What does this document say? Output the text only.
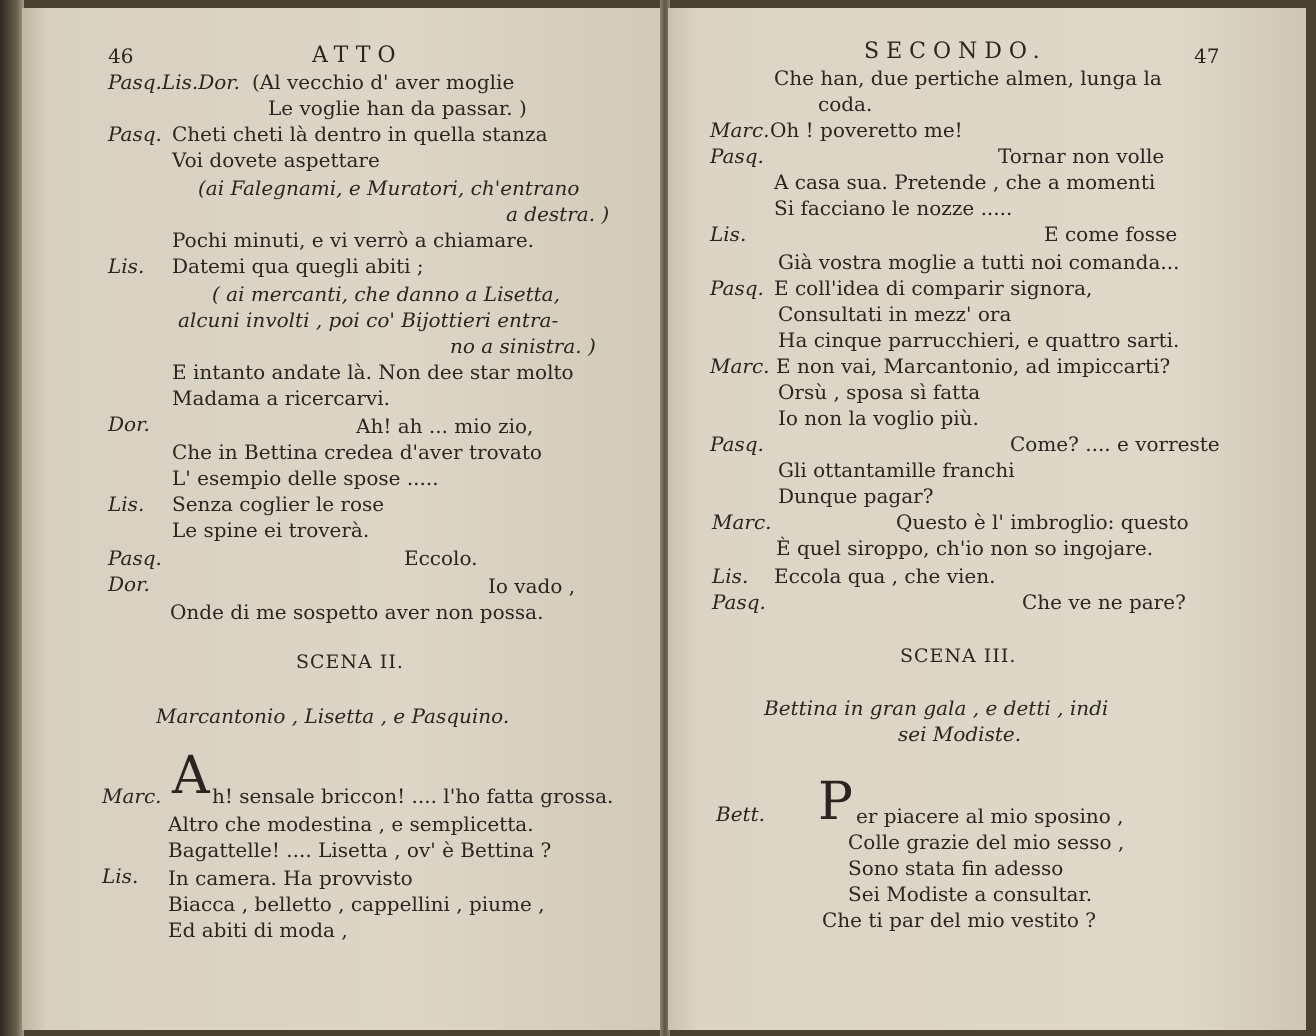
46	ATTO
Pasq.Lis.Dor. (Al vecchio d' aver moglie
Le voglie han da passar. )
Pasq. Cheti cheti là dentro in quella stanza
Voi dovete aspettare
(ai Falegnami, e Muratori, ch'entrano
a destra. )
Pochi minuti, e vi verrò a chiamare.
Lis. Datemi qua quegli abiti ;
( ai mercanti, che danno a Lisetta,
alcuni involti , poi co' Bijottieri entra-
no a sinistra. )
E intanto andate là. Non dee star molto
Madama a ricercarvi.
Dor.	Ah! ah ... mio zio,
Che in Bettina credea d'aver trovato
L' esempio delle spose .....
Lis. Senza coglier le rose
Le spine ei troverà.
Pasq.	Eccolo.
Dor.	Io vado ,
Onde di me sospetto aver non possa.
SCENA II.
Marcantonio , Lisetta , e Pasquino.
Marc. A h! sensale briccon! .... l'ho fatta grossa.
Altro che modestina , e semplicetta.
Bagattelle! .... Lisetta , ov' è Bettina ?
Lis. In camera. Ha provvisto
Biacca , belletto , cappellini , piume ,
Ed abiti di moda ,
SECONDO.	47
Che han, due pertiche almen, lunga la
coda.
Marc. Oh ! poveretto me!
Pasq.	Tornar non volle
A casa sua. Pretende , che a momenti
Si facciano le nozze .....
Lis.	E come fosse
Già vostra moglie a tutti noi comanda...
Pasq. E coll'idea di comparir signora,
Consultati in mezz' ora
Ha cinque parrucchieri, e quattro sarti.
Marc. E non vai, Marcantonio, ad impiccarti?
Orsù , sposa sì fatta
Io non la voglio più.
Pasq.	Come? .... e vorreste
Gli ottantamille franchi
Dunque pagar?
Marc.	Questo è l' imbroglio: questo
È quel siroppo, ch'io non so ingojare.
Lis. Eccola qua , che vien.
Pasq.	Che ve ne pare?
SCENA III.
Bettina in gran gala , e detti , indi
sei Modiste.
Bett. P er piacere al mio sposino ,
Colle grazie del mio sesso ,
Sono stata fin adesso
Sei Modiste a consultar.
Che ti par del mio vestito ?
